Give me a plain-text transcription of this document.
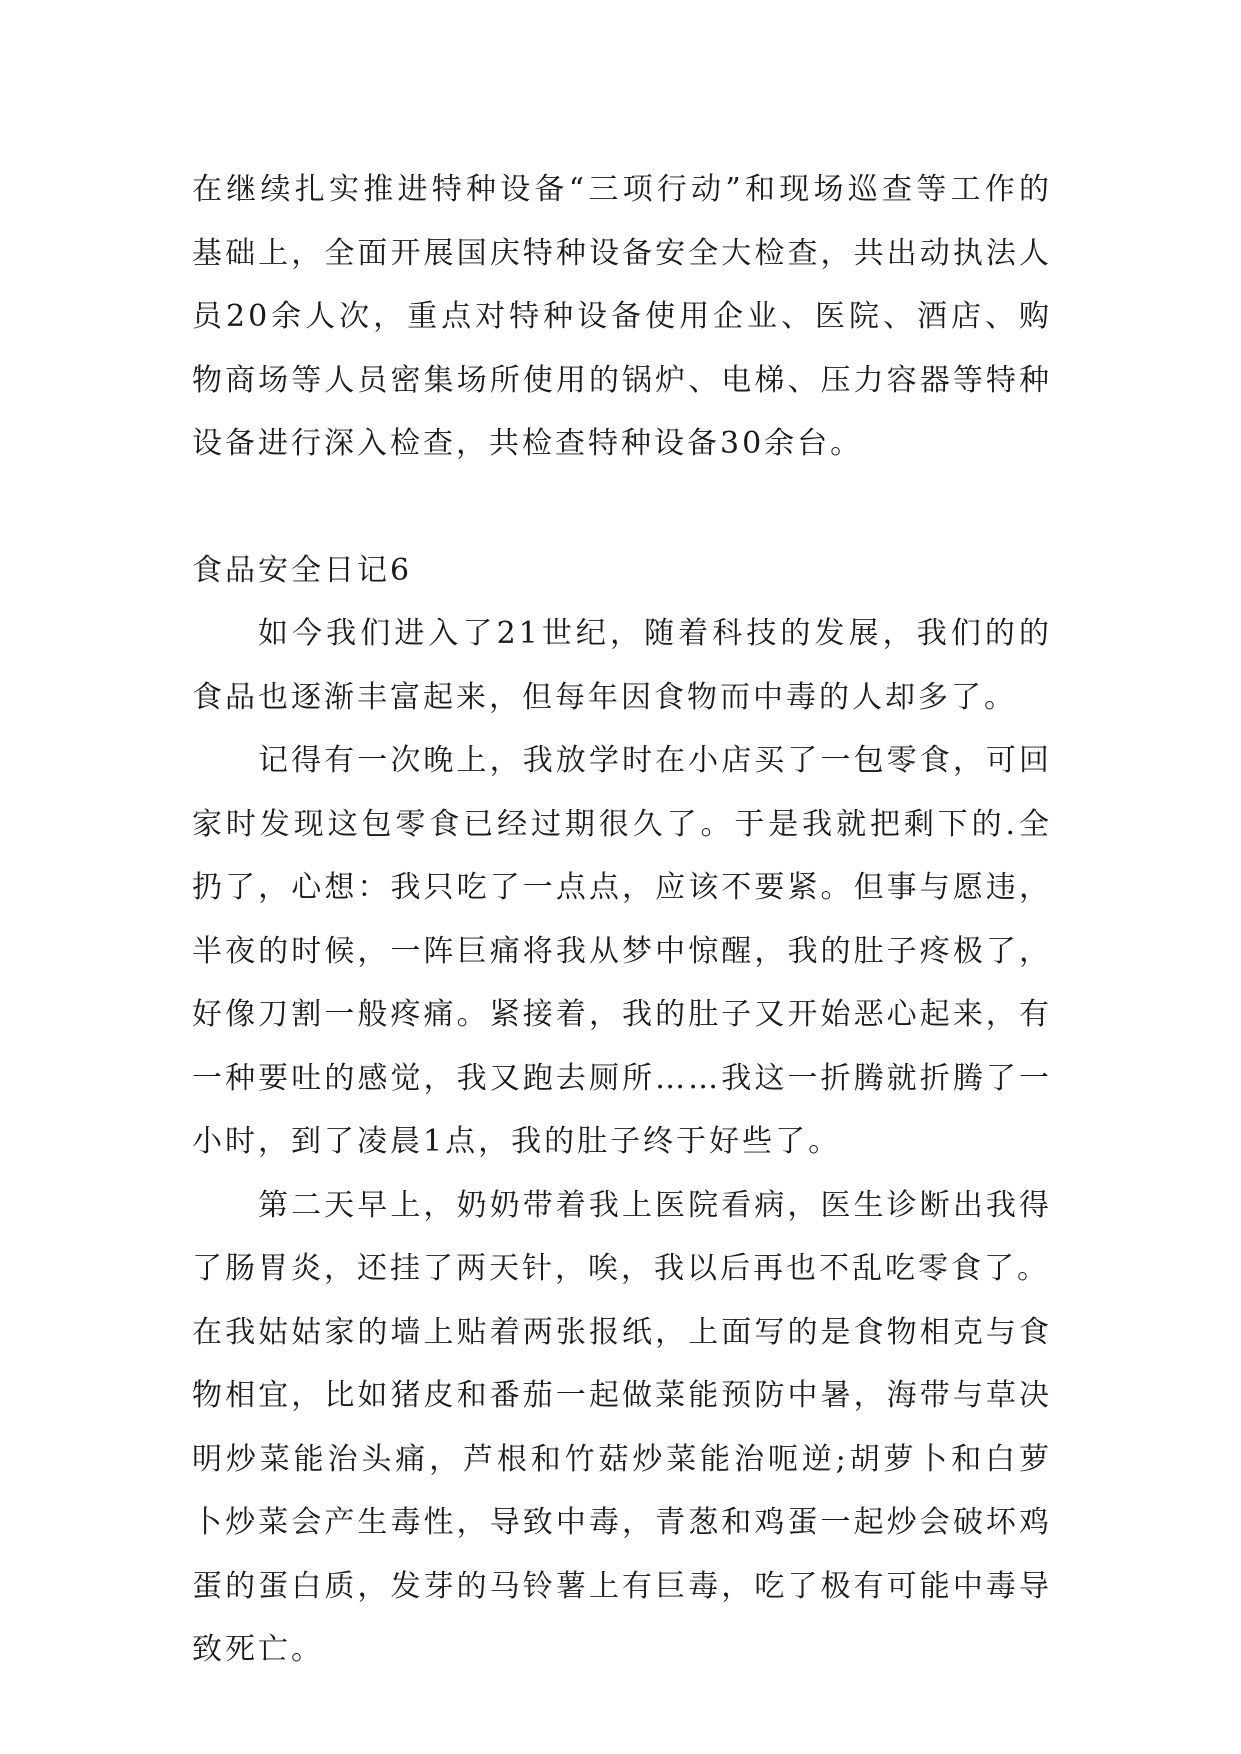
在继续扎实推进特种设备“三项行动”和现场巡查等工作的基础上，全面开展国庆特种设备安全大检查，共出动执法人员20余人次，重点对特种设备使用企业、医院、酒店、购物商场等人员密集场所使用的锅炉、电梯、压力容器等特种设备进行深入检查，共检查特种设备30余台。

食品安全日记6

如今我们进入了21世纪，随着科技的发展，我们的的食品也逐渐丰富起来，但每年因食物而中毒的人却多了。

记得有一次晚上，我放学时在小店买了一包零食，可回家时发现这包零食已经过期很久了。于是我就把剩下的.全扔了，心想：我只吃了一点点，应该不要紧。但事与愿违，半夜的时候，一阵巨痛将我从梦中惊醒，我的肚子疼极了，好像刀割一般疼痛。紧接着，我的肚子又开始恶心起来，有一种要吐的感觉，我又跑去厕所……我这一折腾就折腾了一小时，到了凌晨1点，我的肚子终于好些了。

第二天早上，奶奶带着我上医院看病，医生诊断出我得了肠胃炎，还挂了两天针，唉，我以后再也不乱吃零食了。

在我姑姑家的墙上贴着两张报纸，上面写的是食物相克与食物相宜，比如猪皮和番茄一起做菜能预防中暑，海带与草决明炒菜能治头痛，芦根和竹菇炒菜能治呃逆;胡萝卜和白萝卜炒菜会产生毒性，导致中毒，青葱和鸡蛋一起炒会破坏鸡蛋的蛋白质，发芽的马铃薯上有巨毒，吃了极有可能中毒导致死亡。
